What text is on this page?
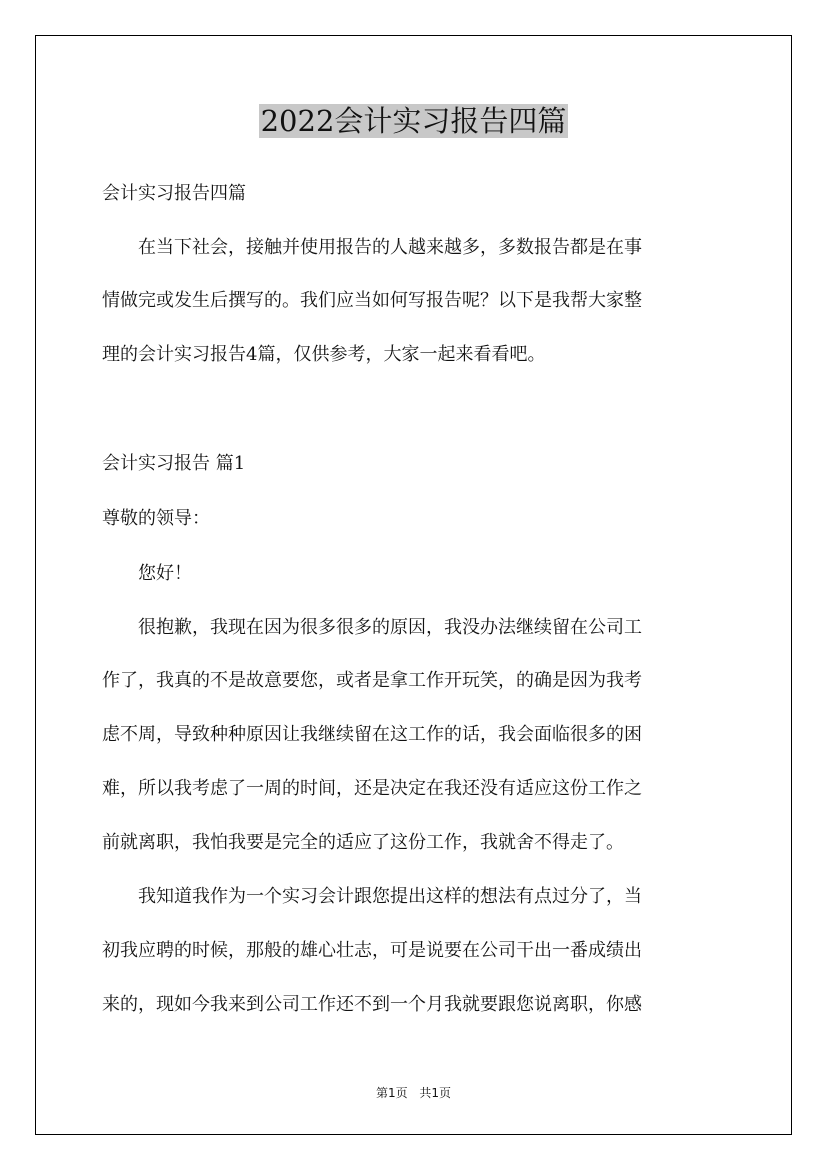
2022会计实习报告四篇

会计实习报告四篇

　　在当下社会，接触并使用报告的人越来越多，多数报告都是在事

情做完或发生后撰写的。我们应当如何写报告呢？以下是我帮大家整

理的会计实习报告4篇，仅供参考，大家一起来看看吧。

会计实习报告 篇1

尊敬的领导：

　　您好！

　　很抱歉，我现在因为很多很多的原因，我没办法继续留在公司工

作了，我真的不是故意要您，或者是拿工作开玩笑，的确是因为我考

虑不周，导致种种原因让我继续留在这工作的话，我会面临很多的困

难，所以我考虑了一周的时间，还是决定在我还没有适应这份工作之

前就离职，我怕我要是完全的适应了这份工作，我就舍不得走了。

　　我知道我作为一个实习会计跟您提出这样的想法有点过分了，当

初我应聘的时候，那般的雄心壮志，可是说要在公司干出一番成绩出

来的，现如今我来到公司工作还不到一个月我就要跟您说离职，你感

第1页 共1页
